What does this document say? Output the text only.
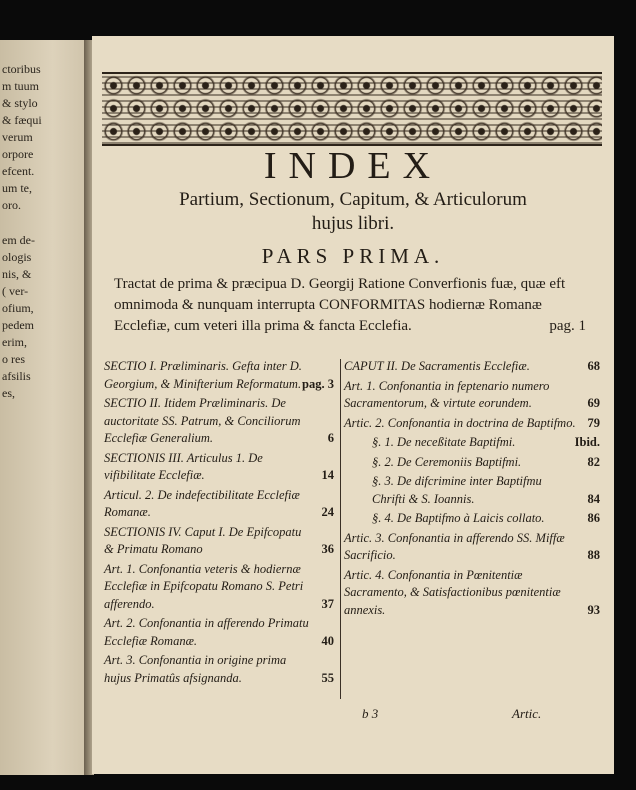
ctoribus
m tuum
& stylo
& fæqui
verum
orpore
efcent.
um te,
oro.
em de-
ologis
nis, &
( ver-
ofium,
pedem
erim,
o res
afsilis
es,
INDEX
Partium, Sectionum, Capitum, & Articulorum
hujus libri.
PARS PRIMA.
Tractat de prima & præcipua D. Georgij Ratione Converfionis fuæ, quæ eft omnimoda & nunquam interrupta CONFORMITAS hodiernæ Romanæ Ecclefiæ, cum veteri illa prima & fancta Ecclefia.	pag. 1
SECTIO I. Præliminaris. Gefta inter D. Georgium, & Minifterium Reformatum. pag. 3
SECTIO II. Itidem Præliminaris. De auctoritate SS. Patrum, & Conciliorum Ecclefiæ Generalium.	6
SECTIONIS III. Articulus 1. De vifibilitate Ecclefiæ.	14
Articul. 2. De indefectibilitate Ecclefiæ Romanæ.	24
SECTIONIS IV. Caput I. De Epifcopatu & Primatu Romano	36
Art. 1. Confonantia veteris & hodiernæ Ecclefiæ in Epifcopatu Romano S. Petri afferendo.	37
Art. 2. Confonantia in afferendo Primatu Ecclefiæ Romanæ.	40
Art. 3. Confonantia in origine prima hujus Primatûs afsignanda.	55
CAPUT II. De Sacramentis Ecclefiæ.	68
Art. 1. Confonantia in feptenario numero Sacramentorum, & virtute eorundem.	69
Artic. 2. Confonantia in doctrina de Baptifmo. 79
§. 1. De neceßitate Baptifmi.	Ibid.
§. 2. De Ceremoniis Baptifmi.	82
§. 3. De difcrimine inter Baptifmu Chrifti & S. Ioannis.	84
§. 4. De Baptifmo à Laicis collato.	86
Artic. 3. Confonantia in afferendo SS. Miffæ Sacrificio.	88
Artic. 4. Confonantia in Pœnitentiæ Sacramento, & Satisfactionibus pœnitentiæ annexis.	93
b 3	Artic.
